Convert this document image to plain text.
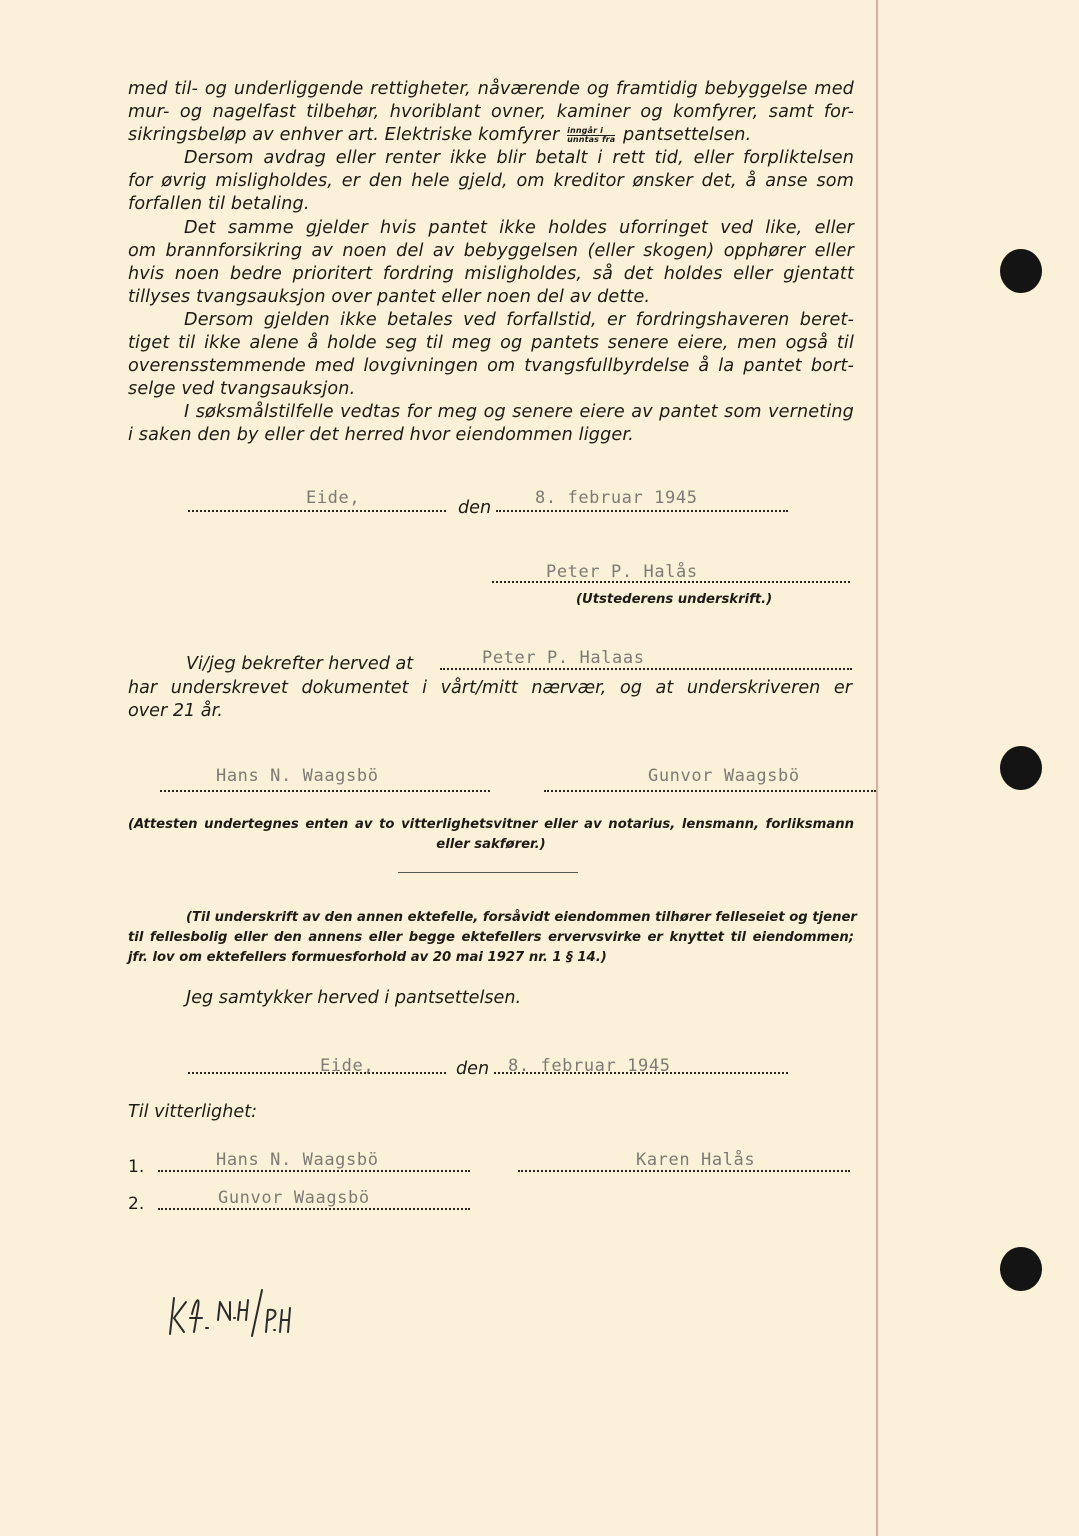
med til- og underliggende rettigheter, nåværende og framtidig bebyggelse med
mur- og nagelfast tilbehør, hvoriblant ovner, kaminer og komfyrer, samt for-
sikringsbeløp av enhver art. Elektriske komfyrer $\frac{\text{inngår i}}{\text{unntas fra}}$ pantsettelsen.
Dersom avdrag eller renter ikke blir betalt i rett tid, eller forpliktelsen
for øvrig misligholdes, er den hele gjeld, om kreditor ønsker det, å anse som
forfallen til betaling.
Det samme gjelder hvis pantet ikke holdes uforringet ved like, eller
om brannforsikring av noen del av bebyggelsen (eller skogen) opphører eller
hvis noen bedre prioritert fordring misligholdes, så det holdes eller gjentatt
tillyses tvangsauksjon over pantet eller noen del av dette.
Dersom gjelden ikke betales ved forfallstid, er fordringshaveren beret-
tiget til ikke alene å holde seg til meg og pantets senere eiere, men også til
overensstemmende med lovgivningen om tvangsfullbyrdelse å la pantet bort-
selge ved tvangsauksjon.
I søksmålstilfelle vedtas for meg og senere eiere av pantet som verneting
i saken den by eller det herred hvor eiendommen ligger.
Eide,	den	8. februar 1945
Peter P. Halås
(Utstederens underskrift.)
Vi/jeg bekrefter herved at	Peter P. Halaas
har underskrevet dokumentet i vårt/mitt nærvær, og at underskriveren er
over 21 år.
Hans N. Waagsbö	Gunvor Waagsbö
(Attesten undertegnes enten av to vitterlighetsvitner eller av notarius, lensmann, forliksmann
eller sakfører.)
(Til underskrift av den annen ektefelle, forsåvidt eiendommen tilhører felleseiet og tjener
til fellesbolig eller den annens eller begge ektefellers ervervsvirke er knyttet til eiendommen;
jfr. lov om ektefellers formuesforhold av 20 mai 1927 nr. 1 § 14.)
Jeg samtykker herved i pantsettelsen.
Eide,	den 8. februar 1945
Til vitterlighet:
1.	Hans N. Waagsbö	Karen Halås
2.	Gunvor Waagsbö
